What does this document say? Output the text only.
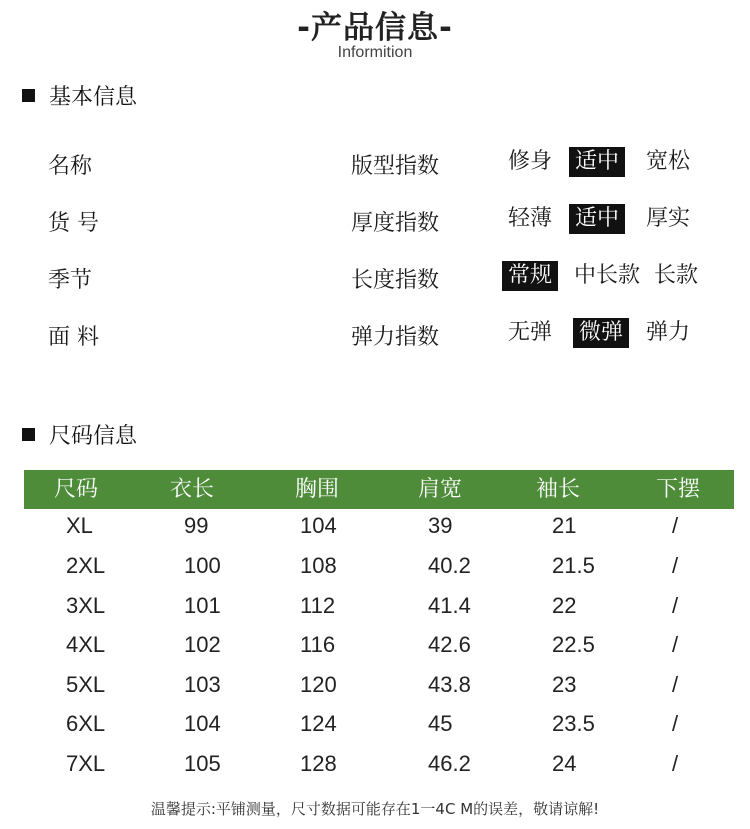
-产品信息-
Informition
基本信息
名称	版型指数	修身 适中 宽松
货 号	厚度指数	轻薄 适中 厚实
季节	长度指数	常规 中长款 长款
面 料	弹力指数	无弹 微弹 弹力
尺码信息
尺码	衣长	胸围	肩宽	袖长	下摆
XL	99	104	39	21	/
2XL	100	108	40.2	21.5	/
3XL	101	112	41.4	22	/
4XL	102	116	42.6	22.5	/
5XL	103	120	43.8	23	/
6XL	104	124	45	23.5	/
7XL	105	128	46.2	24	/
温馨提示:平铺测量，尺寸数据可能存在1一4C M的误差，敬请谅解!
